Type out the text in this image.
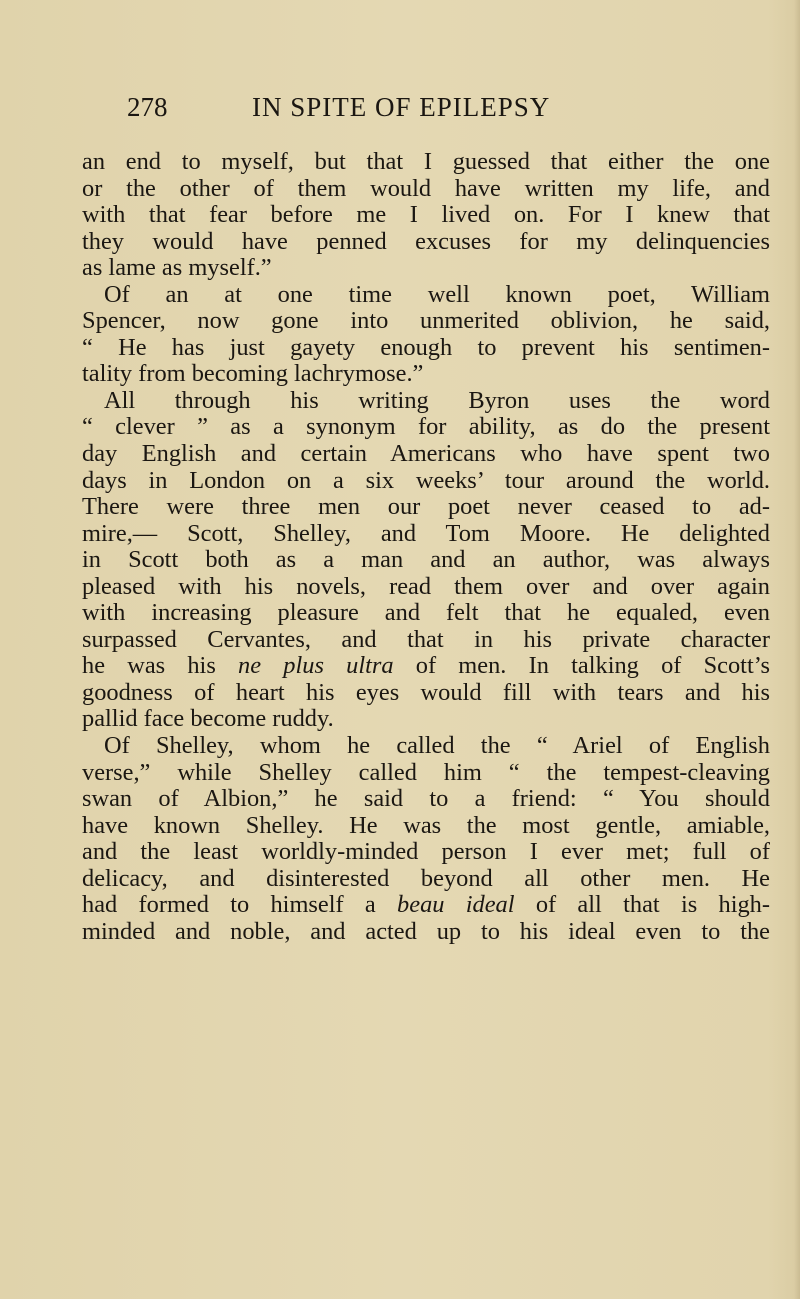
278	IN SPITE OF EPILEPSY
an end to myself, but that I guessed that either the one
or the other of them would have written my life, and
with that fear before me I lived on. For I knew that
they would have penned excuses for my delinquencies
as lame as myself.”
Of an at one time well known poet, William
Spencer, now gone into unmerited oblivion, he said,
“ He has just gayety enough to prevent his sentimen-
tality from becoming lachrymose.”
All through his writing Byron uses the word
“ clever ” as a synonym for ability, as do the present
day English and certain Americans who have spent two
days in London on a six weeks’ tour around the world.
There were three men our poet never ceased to ad-
mire,— Scott, Shelley, and Tom Moore. He delighted
in Scott both as a man and an author, was always
pleased with his novels, read them over and over again
with increasing pleasure and felt that he equaled, even
surpassed Cervantes, and that in his private character
he was his ne plus ultra of men. In talking of Scott’s
goodness of heart his eyes would fill with tears and his
pallid face become ruddy.
Of Shelley, whom he called the “ Ariel of English
verse,” while Shelley called him “ the tempest-cleaving
swan of Albion,” he said to a friend: “ You should
have known Shelley. He was the most gentle, amiable,
and the least worldly-minded person I ever met; full of
delicacy, and disinterested beyond all other men. He
had formed to himself a beau ideal of all that is high-
minded and noble, and acted up to his ideal even to the
